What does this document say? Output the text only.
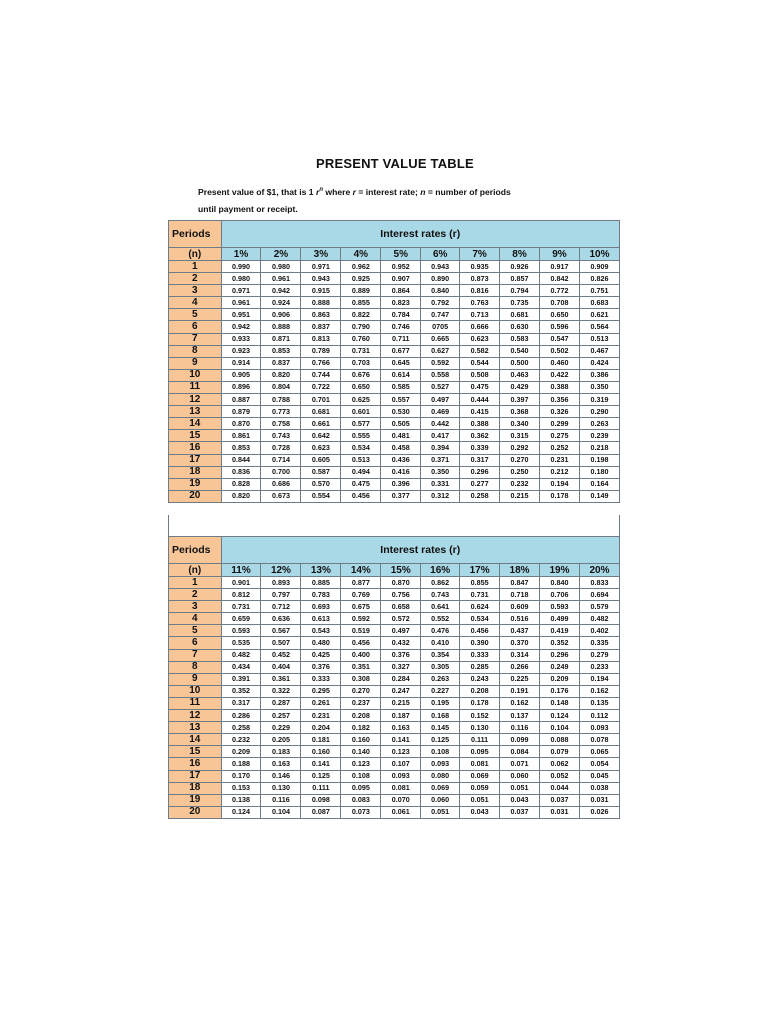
PRESENT VALUE TABLE
Present value of $1, that is 1 $r^n$ where r = interest rate; n = number of periods
until payment or receipt.
Periods	Interest rates (r)									
(n)	1%	2%	3%	4%	5%	6%	7%	8%	9%	10%
1	0.990	0.980	0.971	0.962	0.952	0.943	0.935	0.926	0.917	0.909
2	0.980	0.961	0.943	0.925	0.907	0.890	0.873	0.857	0.842	0.826
3	0.971	0.942	0.915	0.889	0.864	0.840	0.816	0.794	0.772	0.751
4	0.961	0.924	0.888	0.855	0.823	0.792	0.763	0.735	0.708	0.683
5	0.951	0.906	0.863	0.822	0.784	0.747	0.713	0.681	0.650	0.621
6	0.942	0.888	0.837	0.790	0.746	0705	0.666	0.630	0.596	0.564
7	0.933	0.871	0.813	0.760	0.711	0.665	0.623	0.583	0.547	0.513
8	0.923	0.853	0.789	0.731	0.677	0.627	0.582	0.540	0.502	0.467
9	0.914	0.837	0.766	0.703	0.645	0.592	0.544	0.500	0.460	0.424
10	0.905	0.820	0.744	0.676	0.614	0.558	0.508	0.463	0.422	0.386
11	0.896	0.804	0.722	0.650	0.585	0.527	0.475	0.429	0.388	0.350
12	0.887	0.788	0.701	0.625	0.557	0.497	0.444	0.397	0.356	0.319
13	0.879	0.773	0.681	0.601	0.530	0.469	0.415	0.368	0.326	0.290
14	0.870	0.758	0.661	0.577	0.505	0.442	0.388	0.340	0.299	0.263
15	0.861	0.743	0.642	0.555	0.481	0.417	0.362	0.315	0.275	0.239
16	0.853	0.728	0.623	0.534	0.458	0.394	0.339	0.292	0.252	0.218
17	0.844	0.714	0.605	0.513	0.436	0.371	0.317	0.270	0.231	0.198
18	0.836	0.700	0.587	0.494	0.416	0.350	0.296	0.250	0.212	0.180
19	0.828	0.686	0.570	0.475	0.396	0.331	0.277	0.232	0.194	0.164
20	0.820	0.673	0.554	0.456	0.377	0.312	0.258	0.215	0.178	0.149
Periods	Interest rates (r)									
(n)	11%	12%	13%	14%	15%	16%	17%	18%	19%	20%
1	0.901	0.893	0.885	0.877	0.870	0.862	0.855	0.847	0.840	0.833
2	0.812	0.797	0.783	0.769	0.756	0.743	0.731	0.718	0.706	0.694
3	0.731	0.712	0.693	0.675	0.658	0.641	0.624	0.609	0.593	0.579
4	0.659	0.636	0.613	0.592	0.572	0.552	0.534	0.516	0.499	0.482
5	0.593	0.567	0.543	0.519	0.497	0.476	0.456	0.437	0.419	0.402
6	0.535	0.507	0.480	0.456	0.432	0.410	0.390	0.370	0.352	0.335
7	0.482	0.452	0.425	0.400	0.376	0.354	0.333	0.314	0.296	0.279
8	0.434	0.404	0.376	0.351	0.327	0.305	0.285	0.266	0.249	0.233
9	0.391	0.361	0.333	0.308	0.284	0.263	0.243	0.225	0.209	0.194
10	0.352	0.322	0.295	0.270	0.247	0.227	0.208	0.191	0.176	0.162
11	0.317	0.287	0.261	0.237	0.215	0.195	0.178	0.162	0.148	0.135
12	0.286	0.257	0.231	0.208	0.187	0.168	0.152	0.137	0.124	0.112
13	0.258	0.229	0.204	0.182	0.163	0.145	0.130	0.116	0.104	0.093
14	0.232	0.205	0.181	0.160	0.141	0.125	0.111	0.099	0.088	0.078
15	0.209	0.183	0.160	0.140	0.123	0.108	0.095	0.084	0.079	0.065
16	0.188	0.163	0.141	0.123	0.107	0.093	0.081	0.071	0.062	0.054
17	0.170	0.146	0.125	0.108	0.093	0.080	0.069	0.060	0.052	0.045
18	0.153	0.130	0.111	0.095	0.081	0.069	0.059	0.051	0.044	0.038
19	0.138	0.116	0.098	0.083	0.070	0.060	0.051	0.043	0.037	0.031
20	0.124	0.104	0.087	0.073	0.061	0.051	0.043	0.037	0.031	0.026
